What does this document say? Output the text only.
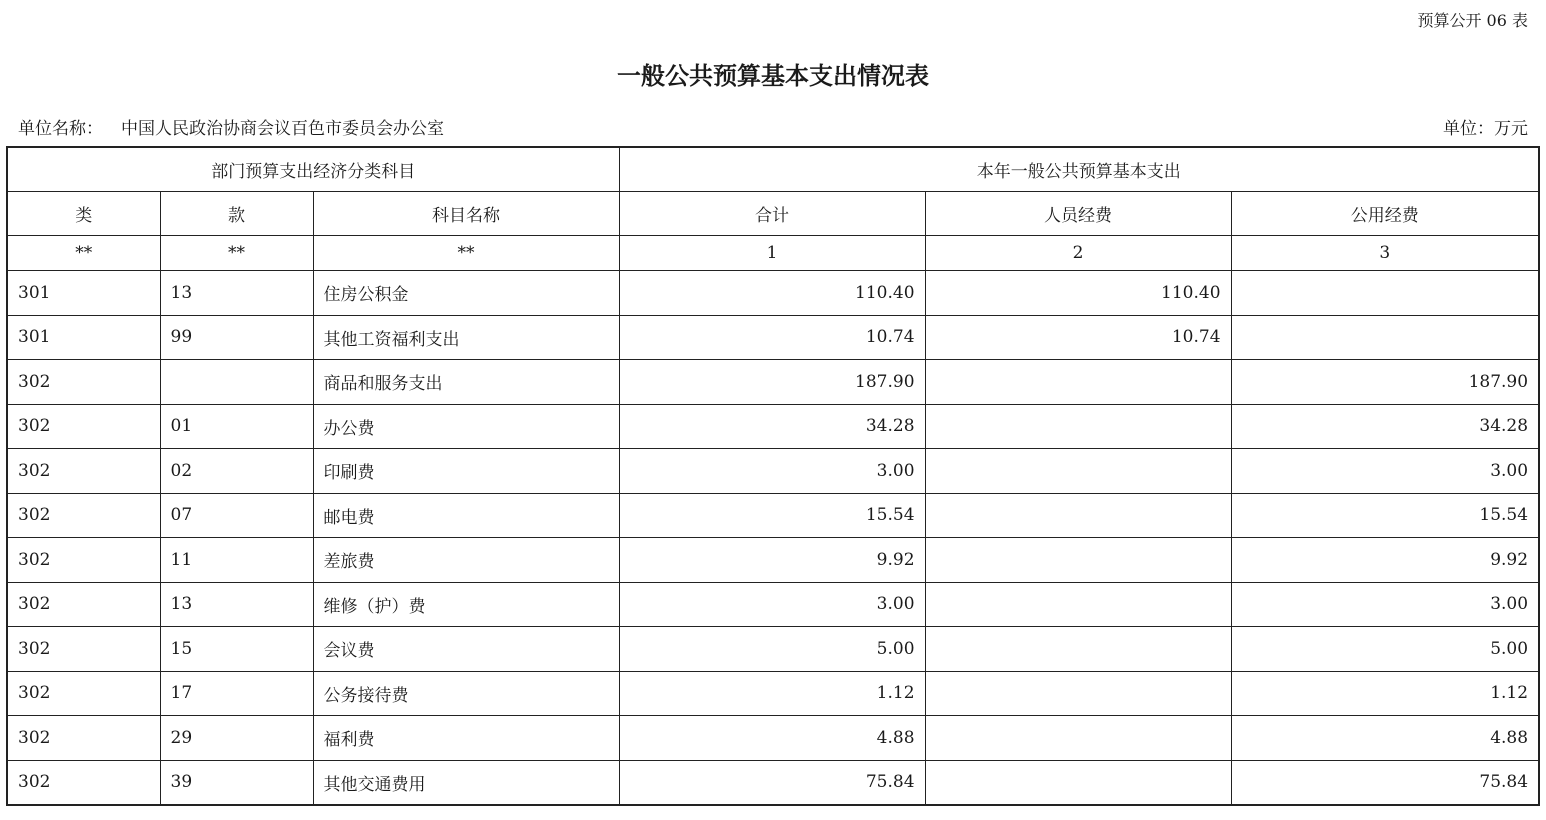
预算公开 06 表
一般公共预算基本支出情况表
单位名称： 中国人民政治协商会议百色市委员会办公室	单位：万元
部门预算支出经济分类科目			本年一般公共预算基本支出		
类	款	科目名称	合计	人员经费	公用经费
**	**	**	1	2	3
301	13	住房公积金	110.40	110.40	
301	99	其他工资福利支出	10.74	10.74	
302		商品和服务支出	187.90		187.90
302	01	办公费	34.28		34.28
302	02	印刷费	3.00		3.00
302	07	邮电费	15.54		15.54
302	11	差旅费	9.92		9.92
302	13	维修（护）费	3.00		3.00
302	15	会议费	5.00		5.00
302	17	公务接待费	1.12		1.12
302	29	福利费	4.88		4.88
302	39	其他交通费用	75.84		75.84
